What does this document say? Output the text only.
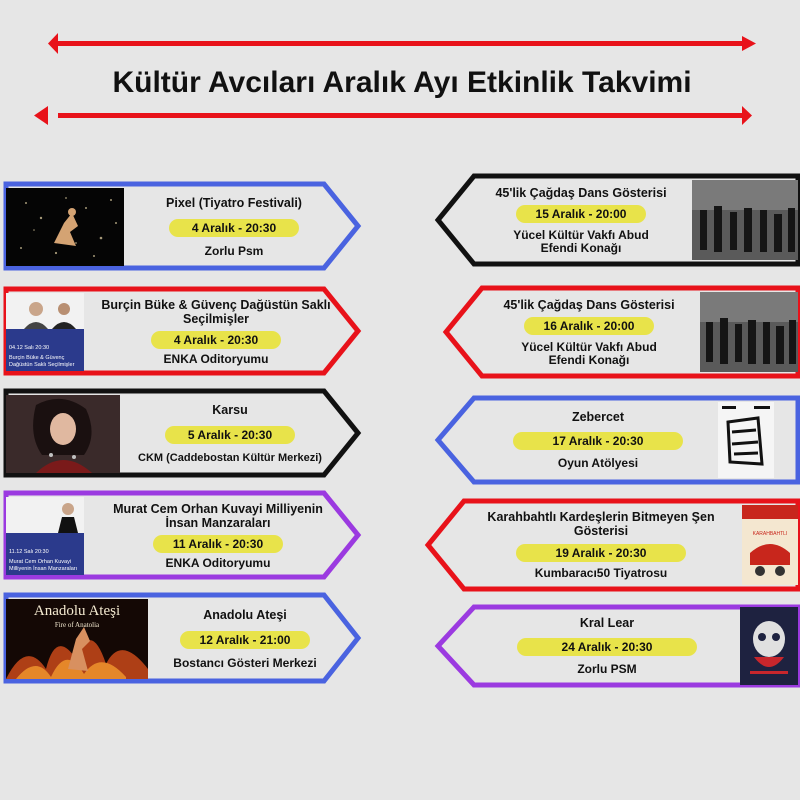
Kültür Avcıları Aralık Ayı Etkinlik Takvimi
Pixel (Tiyatro Festivali)
4 Aralık - 20:30
Zorlu Psm
04.12 Salı 20:30
Burçin Büke & Güvenç Dağüstün Saklı Seçilmişler
Burçin Büke & Güvenç Dağüstün Saklı Seçilmişler
4 Aralık - 20:30
ENKA Oditoryumu
Karsu
5 Aralık - 20:30
CKM (Caddebostan Kültür Merkezi)
11.12 Salı 20:30
Murat Cem Orhan Kuvayi Milliyenin İnsan Manzaraları
Murat Cem Orhan Kuvayi Milliyenin İnsan Manzaraları
11 Aralık - 20:30
ENKA Oditoryumu
Anadolu Ateşi
Fire of Anatolia
Anadolu Ateşi
12 Aralık - 21:00
Bostancı Gösteri Merkezi
45'lik Çağdaş Dans Gösterisi
15 Aralık - 20:00
Yücel Kültür Vakfı Abud Efendi Konağı
45'lik Çağdaş Dans Gösterisi
16 Aralık - 20:00
Yücel Kültür Vakfı Abud Efendi Konağı
Zebercet
17 Aralık - 20:30
Oyun Atölyesi
KARAHBAHTLI
Karahbahtlı Kardeşlerin Bitmeyen Şen Gösterisi
19 Aralık - 20:30
Kumbaracı50 Tiyatrosu
Kral Lear
24 Aralık - 20:30
Zorlu PSM
